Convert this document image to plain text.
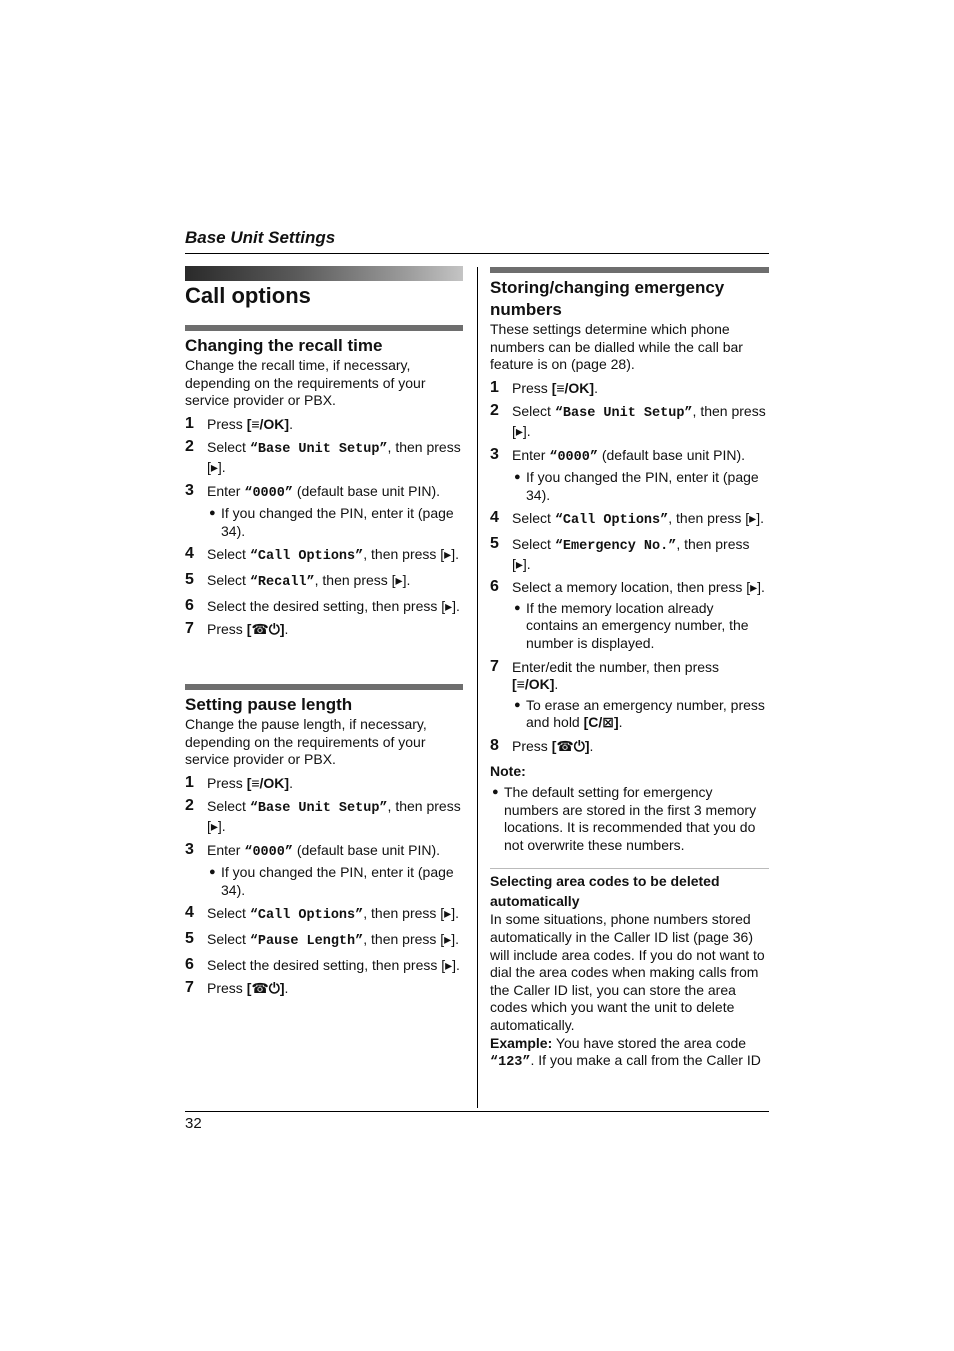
Base Unit Settings
Call options
Changing the recall time

Change the recall time, if necessary, depending on the requirements of your service provider or PBX.

1 Press [≡/OK].
2 Select “Base Unit Setup”, then press [▸].
3 Enter “0000” (default base unit PIN).
● If you changed the PIN, enter it (page 34).
4 Select “Call Options”, then press [▸].
5 Select “Recall”, then press [▸].
6 Select the desired setting, then press [▸].
7 Press [☎⏻].
Setting pause length

Change the pause length, if necessary, depending on the requirements of your service provider or PBX.

1 Press [≡/OK].
2 Select “Base Unit Setup”, then press [▸].
3 Enter “0000” (default base unit PIN).
● If you changed the PIN, enter it (page 34).
4 Select “Call Options”, then press [▸].
5 Select “Pause Length”, then press [▸].
6 Select the desired setting, then press [▸].
7 Press [☎⏻].
Storing/changing emergency numbers

These settings determine which phone numbers can be dialled while the call bar feature is on (page 28).

1 Press [≡/OK].
2 Select “Base Unit Setup”, then press [▸].
3 Enter “0000” (default base unit PIN).
● If you changed the PIN, enter it (page 34).
4 Select “Call Options”, then press [▸].
5 Select “Emergency No.”, then press [▸].
6 Select a memory location, then press [▸].
● If the memory location already contains an emergency number, the number is displayed.
7 Enter/edit the number, then press [≡/OK].
● To erase an emergency number, press and hold [C/⊠].
8 Press [☎⏻].
Note:
● The default setting for emergency numbers are stored in the first 3 memory locations. It is recommended that you do not overwrite these numbers.
Selecting area codes to be deleted automatically

In some situations, phone numbers stored automatically in the Caller ID list (page 36) will include area codes. If you do not want to dial the area codes when making calls from the Caller ID list, you can store the area codes which you want the unit to delete automatically.

Example: You have stored the area code “123”. If you make a call from the Caller ID

32
